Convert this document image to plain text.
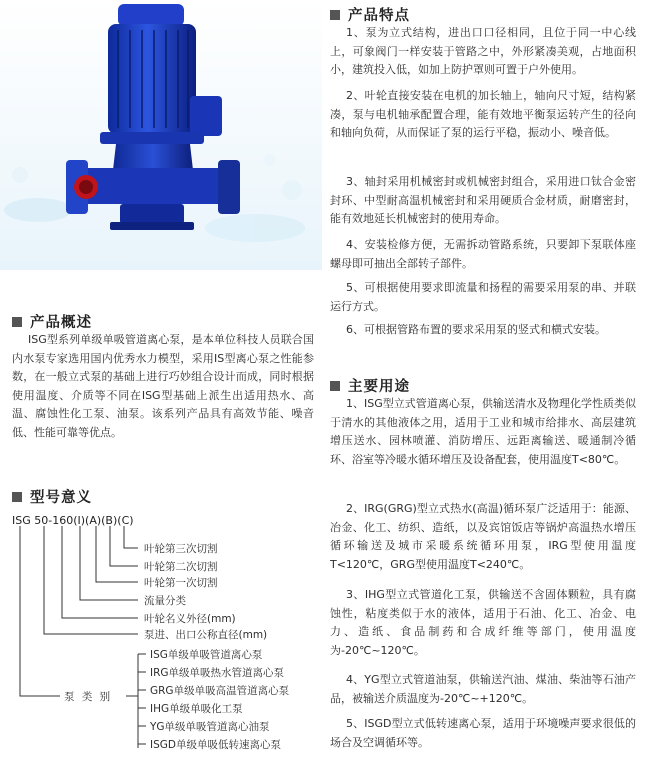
产品概述
ISG型系列单级单吸管道离心泵，是本单位科技人员联合国内水泵专家选用国内优秀水力模型，采用IS型离心泵之性能参数，在一般立式泵的基础上进行巧妙组合设计而成，同时根据使用温度、介质等不同在ISG型基础上派生出适用热水、高温、腐蚀性化工泵、油泵。该系列产品具有高效节能、噪音低、性能可靠等优点。
型号意义
ISG 50-160(I)(A)(B)(C)
叶轮第三次切割
叶轮第二次切割
叶轮第一次切割
流量分类
叶轮名义外径(mm)
泵进、出口公称直径(mm)
泵 类 别
ISG单级单吸管道离心泵
IRG单级单吸热水管道离心泵
GRG单级单吸高温管道离心泵
IHG单级单吸化工泵
YG单级单吸管道离心油泵
ISGD单级单吸低转速离心泵
产品特点
1、泵为立式结构，进出口口径相同，且位于同一中心线上，可象阀门一样安装于管路之中，外形紧凑美观，占地面积小，建筑投入低，如加上防护罩则可置于户外使用。
2、叶轮直接安装在电机的加长轴上，轴向尺寸短，结构紧凑，泵与电机轴承配置合理，能有效地平衡泵运转产生的径向和轴向负荷，从而保证了泵的运行平稳，振动小、噪音低。
3、轴封采用机械密封或机械密封组合，采用进口钛合金密封环、中型耐高温机械密封和采用硬质合金材质，耐磨密封，能有效地延长机械密封的使用寿命。
4、安装检修方便，无需拆动管路系统，只要卸下泵联体座螺母即可抽出全部转子部件。
5、可根据使用要求即流量和扬程的需要采用泵的串、并联运行方式。
6、可根据管路布置的要求采用泵的竖式和横式安装。
主要用途
1、ISG型立式管道离心泵，供输送清水及物理化学性质类似于清水的其他液体之用，适用于工业和城市给排水、高层建筑增压送水、园林喷灌、消防增压、远距离输送、暖通制冷循环、浴室等冷暖水循环增压及设备配套，使用温度T<80℃。
2、IRG(GRG)型立式热水(高温)循环泵广泛适用于：能源、冶金、化工、纺织、造纸，以及宾馆饭店等锅炉高温热水增压循环输送及城市采暖系统循环用泵，IRG型使用温度T<120℃，GRG型使用温度T<240℃。
3、IHG型立式管道化工泵，供输送不含固体颗粒，具有腐蚀性，粘度类似于水的液体，适用于石油、化工、冶金、电力、造纸、食品制药和合成纤维等部门，使用温度为-20℃~120℃。
4、YG型立式管道油泵，供输送汽油、煤油、柴油等石油产品，被输送介质温度为-20℃~+120℃。
5、ISGD型立式低转速离心泵，适用于环境噪声要求很低的场合及空调循环等。
